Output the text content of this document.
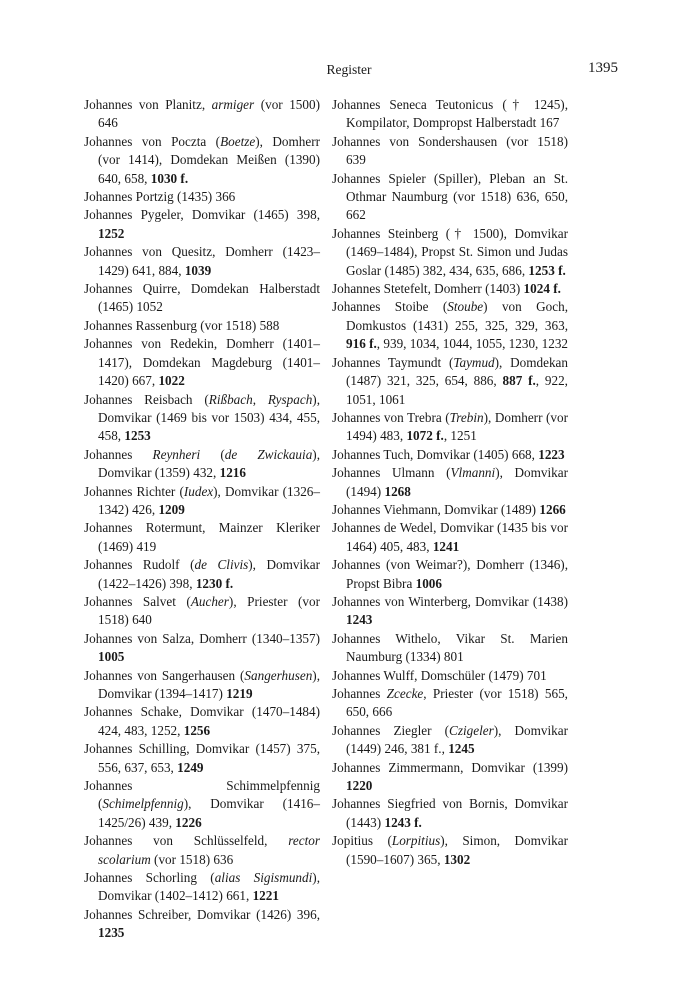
Register	1395
Johannes von Planitz, armiger (vor 1500) 646
Johannes von Poczta (Boetze), Domherr (vor 1414), Domdekan Meißen (1390) 640, 658, 1030 f.
Johannes Portzig (1435) 366
Johannes Pygeler, Domvikar (1465) 398, 1252
Johannes von Quesitz, Domherr (1423–1429) 641, 884, 1039
Johannes Quirre, Domdekan Halberstadt (1465) 1052
Johannes Rassenburg (vor 1518) 588
Johannes von Redekin, Domherr (1401–1417), Domdekan Magdeburg (1401–1420) 667, 1022
Johannes Reisbach (Rißbach, Ryspach), Domvikar (1469 bis vor 1503) 434, 455, 458, 1253
Johannes Reynheri (de Zwickauia), Domvikar (1359) 432, 1216
Johannes Richter (Iudex), Domvikar (1326–1342) 426, 1209
Johannes Rotermunt, Mainzer Kleriker (1469) 419
Johannes Rudolf (de Clivis), Domvikar (1422–1426) 398, 1230 f.
Johannes Salvet (Aucher), Priester (vor 1518) 640
Johannes von Salza, Domherr (1340–1357) 1005
Johannes von Sangerhausen (Sangerhusen), Domvikar (1394–1417) 1219
Johannes Schake, Domvikar (1470–1484) 424, 483, 1252, 1256
Johannes Schilling, Domvikar (1457) 375, 556, 637, 653, 1249
Johannes Schimmelpfennig (Schimelpfennig), Domvikar (1416–1425/26) 439, 1226
Johannes von Schlüsselfeld, rector scolarium (vor 1518) 636
Johannes Schorling (alias Sigismundi), Domvikar (1402–1412) 661, 1221
Johannes Schreiber, Domvikar (1426) 396, 1235
Johannes Seneca Teutonicus († 1245), Kompilator, Dompropst Halberstadt 167
Johannes von Sondershausen (vor 1518) 639
Johannes Spieler (Spiller), Pleban an St. Othmar Naumburg (vor 1518) 636, 650, 662
Johannes Steinberg († 1500), Domvikar (1469–1484), Propst St. Simon und Judas Goslar (1485) 382, 434, 635, 686, 1253 f.
Johannes Stetefelt, Domherr (1403) 1024 f.
Johannes Stoibe (Stoube) von Goch, Domkustos (1431) 255, 325, 329, 363, 916 f., 939, 1034, 1044, 1055, 1230, 1232
Johannes Taymundt (Taymud), Domdekan (1487) 321, 325, 654, 886, 887 f., 922, 1051, 1061
Johannes von Trebra (Trebin), Domherr (vor 1494) 483, 1072 f., 1251
Johannes Tuch, Domvikar (1405) 668, 1223
Johannes Ulmann (Vlmanni), Domvikar (1494) 1268
Johannes Viehmann, Domvikar (1489) 1266
Johannes de Wedel, Domvikar (1435 bis vor 1464) 405, 483, 1241
Johannes (von Weimar?), Domherr (1346), Propst Bibra 1006
Johannes von Winterberg, Domvikar (1438) 1243
Johannes Withelo, Vikar St. Marien Naumburg (1334) 801
Johannes Wulff, Domschüler (1479) 701
Johannes Zcecke, Priester (vor 1518) 565, 650, 666
Johannes Ziegler (Czigeler), Domvikar (1449) 246, 381 f., 1245
Johannes Zimmermann, Domvikar (1399) 1220
Johannes Siegfried von Bornis, Domvikar (1443) 1243 f.
Jopitius (Lorpitius), Simon, Domvikar (1590–1607) 365, 1302
